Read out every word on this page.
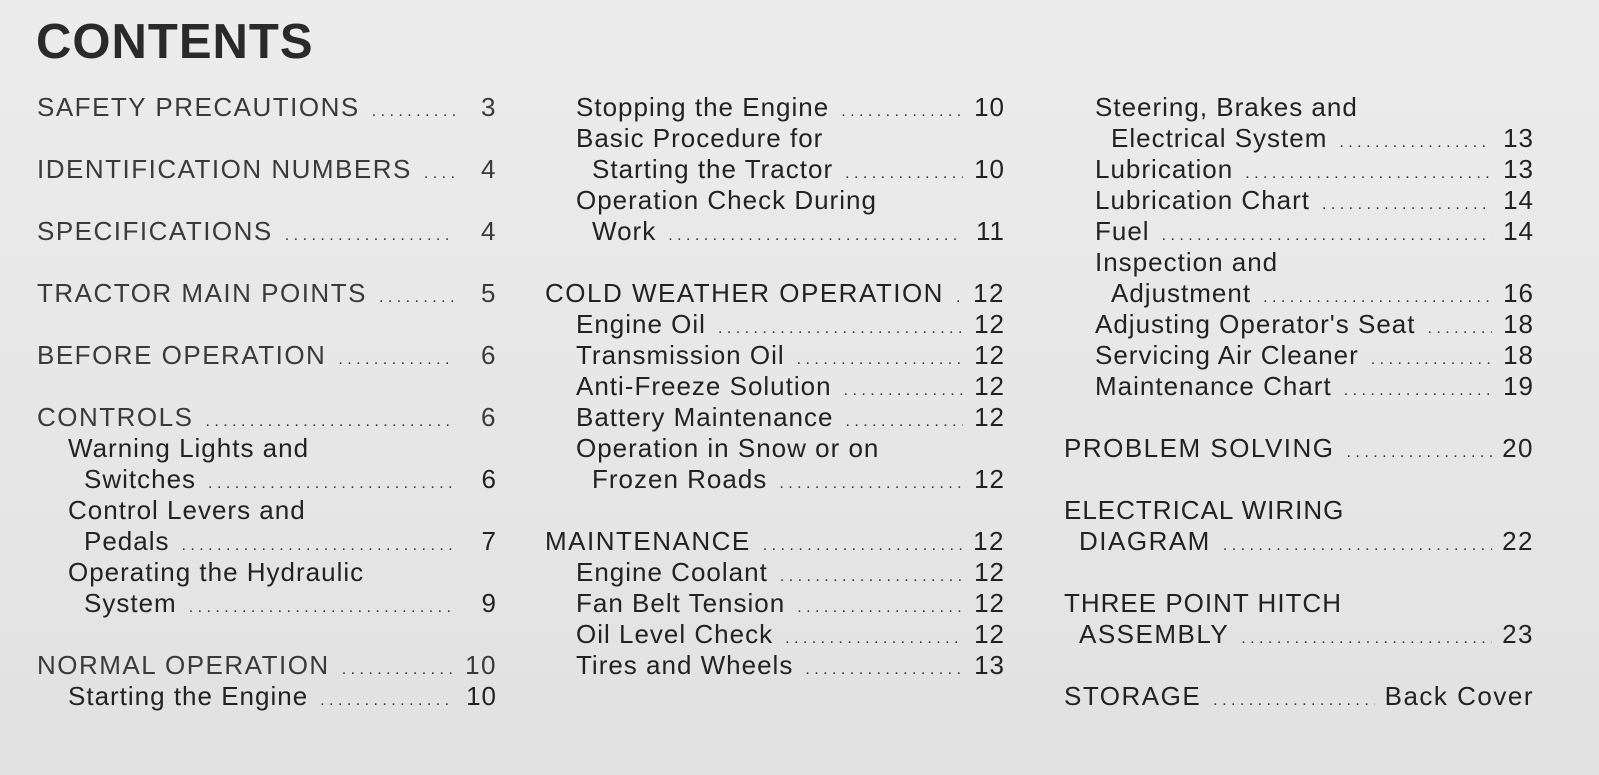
CONTENTS
SAFETY PRECAUTIONS . . .	3
IDENTIFICATION NUMBERS . . .	4
SPECIFICATIONS . . .	4
TRACTOR MAIN POINTS . . .	5
BEFORE OPERATION . . .	6
CONTROLS . . .	6
Warning Lights and
Switches . . .	6
Control Levers and
Pedals . . .	7
Operating the Hydraulic
System . . .	9
NORMAL OPERATION . . .	10
Starting the Engine . . .	10
Stopping the Engine . . .	10
Basic Procedure for
Starting the Tractor . . .	10
Operation Check During
Work . . .	11
COLD WEATHER OPERATION . . . 12
Engine Oil . . .	12
Transmission Oil . . .	12
Anti-Freeze Solution . . .	12
Battery Maintenance . . .	12
Operation in Snow or on
Frozen Roads . . .	12
MAINTENANCE . . .	12
Engine Coolant . . .	12
Fan Belt Tension . . .	12
Oil Level Check . . .	12
Tires and Wheels . . .	13
Steering, Brakes and
Electrical System . . .	13
Lubrication . . .	13
Lubrication Chart . . .	14
Fuel . . .	14
Inspection and
Adjustment . . .	16
Adjusting Operator's Seat . . .	18
Servicing Air Cleaner . . .	18
Maintenance Chart . . .	19
PROBLEM SOLVING . . .	20
ELECTRICAL WIRING
DIAGRAM . . .	22
THREE POINT HITCH
ASSEMBLY . . .	23
STORAGE . . .	Back Cover
